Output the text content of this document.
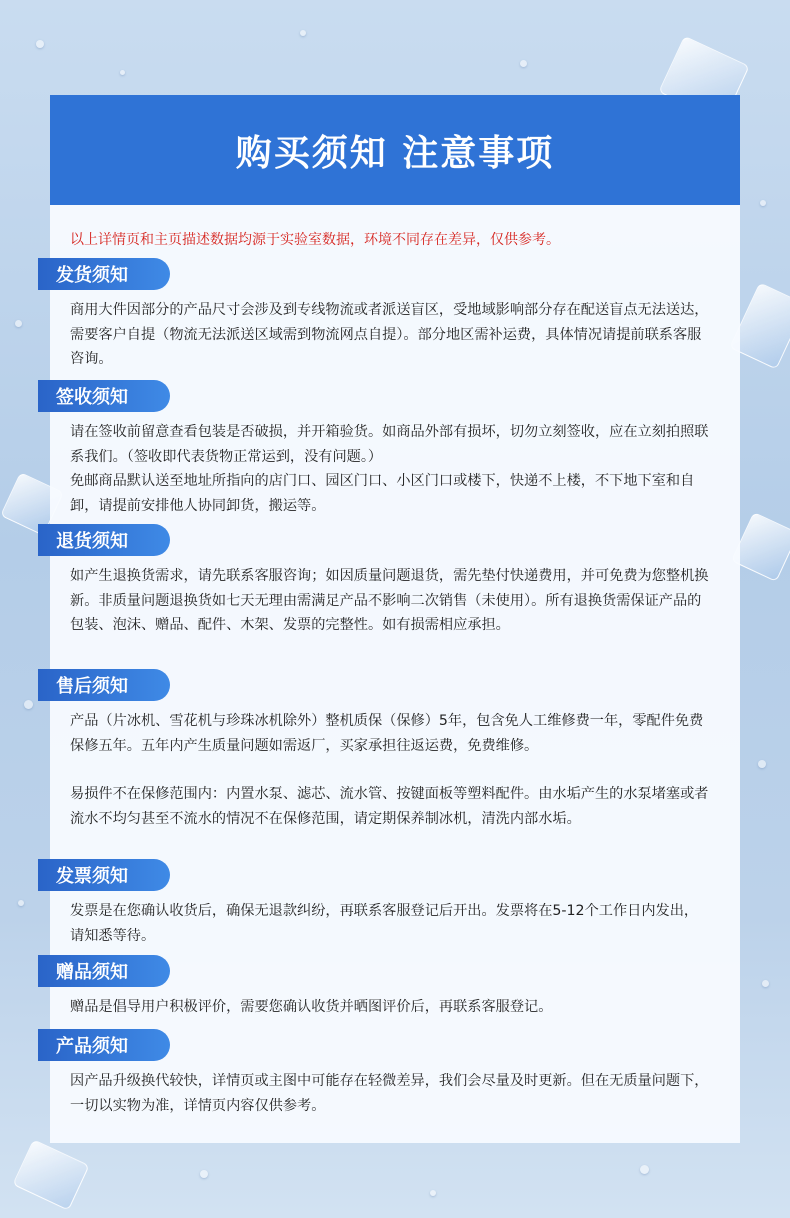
购买须知 注意事项

以上详情页和主页描述数据均源于实验室数据，环境不同存在差异，仅供参考。

发货须知

商用大件因部分的产品尺寸会涉及到专线物流或者派送盲区，受地域影响部分存在配送盲点无法送达，需要客户自提（物流无法派送区域需到物流网点自提）。部分地区需补运费，具体情况请提前联系客服咨询。

签收须知

请在签收前留意查看包装是否破损，并开箱验货。如商品外部有损坏，切勿立刻签收，应在立刻拍照联系我们。（签收即代表货物正常运到，没有问题。）

免邮商品默认送至地址所指向的店门口、园区门口、小区门口或楼下，快递不上楼，不下地下室和自卸，请提前安排他人协同卸货，搬运等。

退货须知

如产生退换货需求，请先联系客服咨询；如因质量问题退货，需先垫付快递费用，并可免费为您整机换新。非质量问题退换货如七天无理由需满足产品不影响二次销售（未使用）。所有退换货需保证产品的包装、泡沫、赠品、配件、木架、发票的完整性。如有损需相应承担。

售后须知

产品（片冰机、雪花机与珍珠冰机除外）整机质保（保修）5年，包含免人工维修费一年，零配件免费保修五年。五年内产生质量问题如需返厂，买家承担往返运费，免费维修。

易损件不在保修范围内：内置水泵、滤芯、流水管、按键面板等塑料配件。由水垢产生的水泵堵塞或者流水不均匀甚至不流水的情况不在保修范围，请定期保养制冰机，清洗内部水垢。

发票须知

发票是在您确认收货后，确保无退款纠纷，再联系客服登记后开出。发票将在5-12个工作日内发出，请知悉等待。

赠品须知

赠品是倡导用户积极评价，需要您确认收货并晒图评价后，再联系客服登记。

产品须知

因产品升级换代较快，详情页或主图中可能存在轻微差异，我们会尽量及时更新。但在无质量问题下，一切以实物为准，详情页内容仅供参考。
